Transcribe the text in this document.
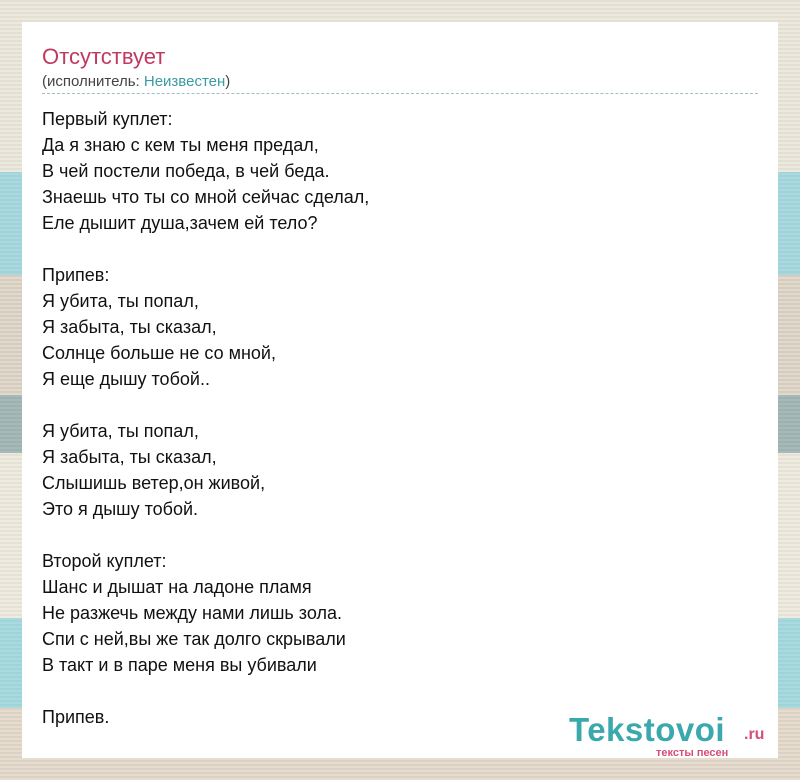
Отсутствует
(исполнитель: Неизвестен)
Первый куплет:
Да я знаю с кем ты меня предал,
В чей постели победа, в чей беда.
Знаешь что ты со мной сейчас сделал,
Еле дышит душа,зачем ей тело?
Припев:
Я убита, ты попал,
Я забыта, ты сказал,
Солнце больше не со мной,
Я еще дышу тобой..
Я убита, ты попал,
Я забыта, ты сказал,
Слышишь ветер,он живой,
Это я дышу тобой.
Второй куплет:
Шанс и дышат на ладоне пламя
Не разжечь между нами лишь зола.
Спи с ней,вы же так долго скрывали
В такт и в паре меня вы убивали
Припев.	Tekstovoi .ru
тексты песен
